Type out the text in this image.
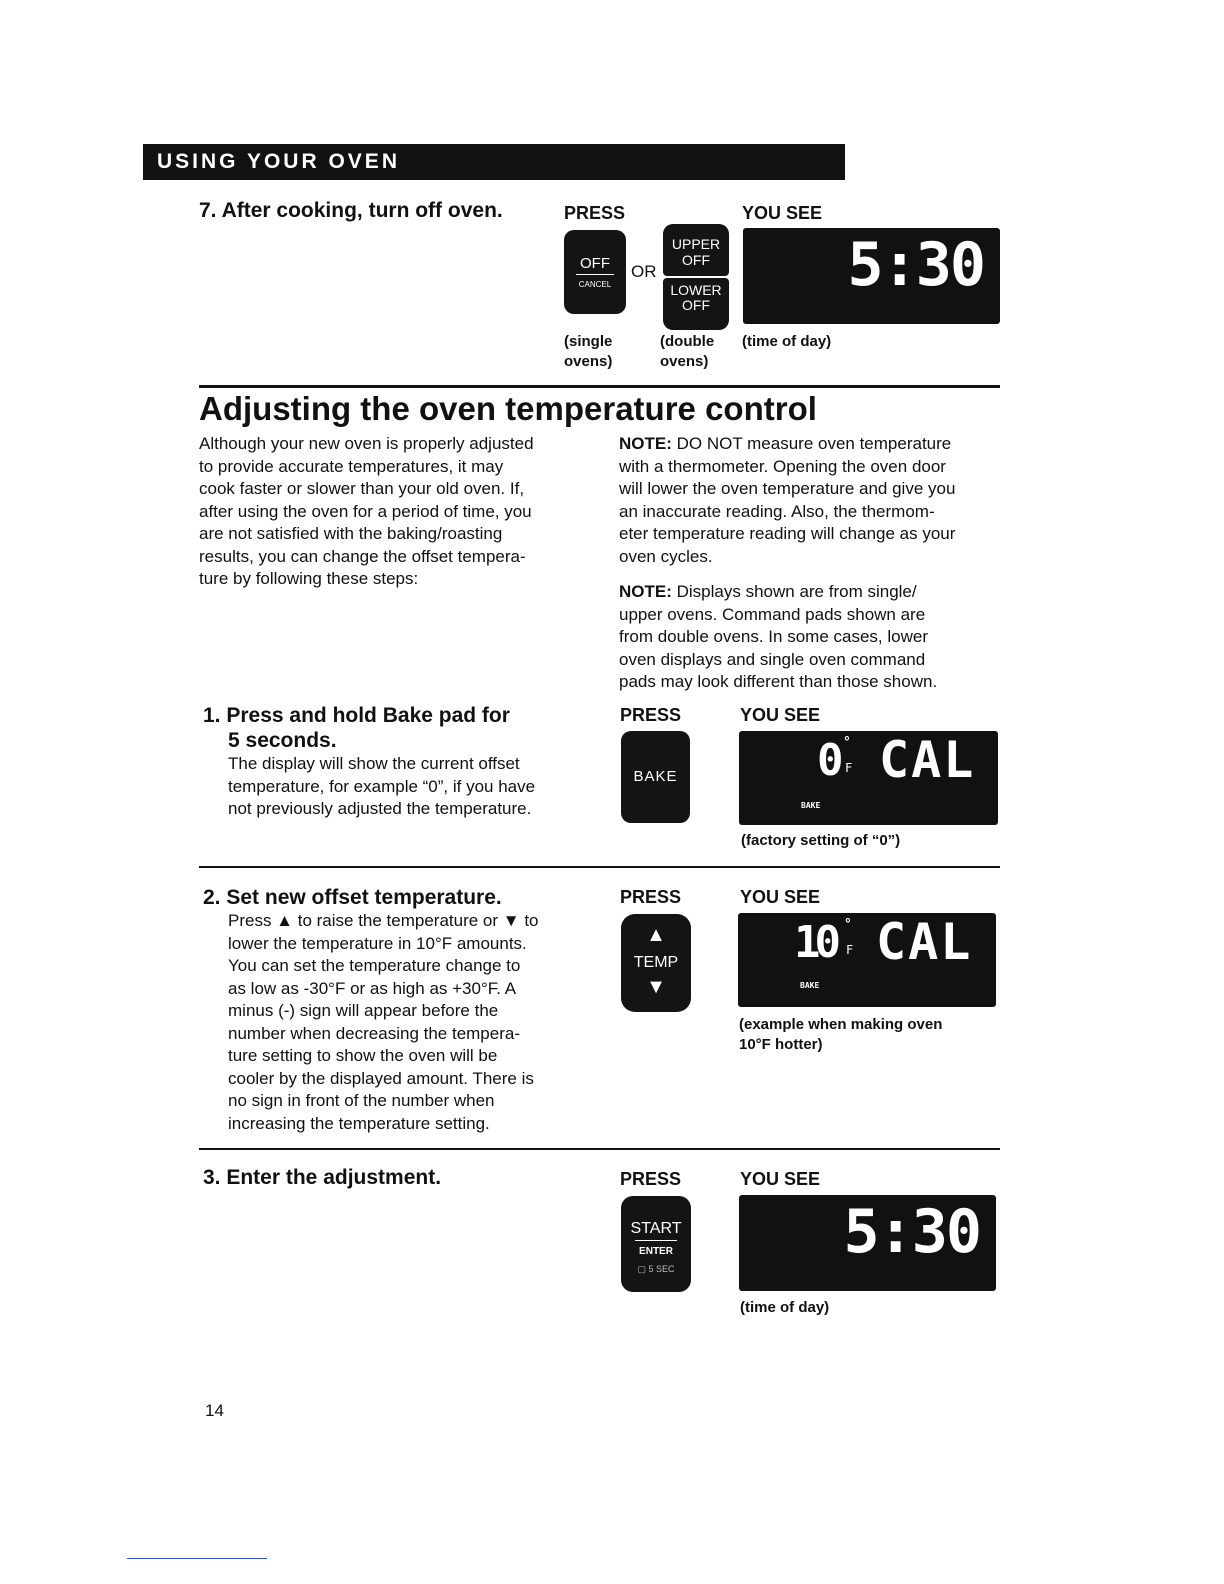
USING YOUR OVEN
7. After cooking, turn off oven.	PRESS	YOU SEE
OFF
CANCEL
OR
UPPER
OFF
LOWER
OFF
5:30
(single
ovens)
(double
ovens)
(time of day)
Adjusting the oven temperature control
Although your new oven is properly adjusted
to provide accurate temperatures, it may
cook faster or slower than your old oven. If,
after using the oven for a period of time, you
are not satisfied with the baking/roasting
results, you can change the offset tempera-
ture by following these steps:
NOTE: DO NOT measure oven temperature
with a thermometer. Opening the oven door
will lower the oven temperature and give you
an inaccurate reading. Also, the thermom-
eter temperature reading will change as your
oven cycles.
NOTE: Displays shown are from single/
upper ovens. Command pads shown are
from double ovens. In some cases, lower
oven displays and single oven command
pads may look different than those shown.
1. Press and hold Bake pad for
5 seconds.
The display will show the current offset
temperature, for example “0”, if you have
not previously adjusted the temperature.
PRESS	YOU SEE
BAKE	0 °
F CAL
BAKE
(factory setting of “0”)
2. Set new offset temperature.
Press ▲ to raise the temperature or ▼ to
lower the temperature in 10°F amounts.
You can set the temperature change to
as low as -30°F or as high as +30°F. A
minus (-) sign will appear before the
number when decreasing the tempera-
ture setting to show the oven will be
cooler by the displayed amount. There is
no sign in front of the number when
increasing the temperature setting.
PRESS	YOU SEE
▲
TEMP
▼
10 °
F CAL
BAKE
(example when making oven
10°F hotter)
3. Enter the adjustment.	PRESS	YOU SEE
START
ENTER
▢ 5 SEC
5:30
(time of day)
14
